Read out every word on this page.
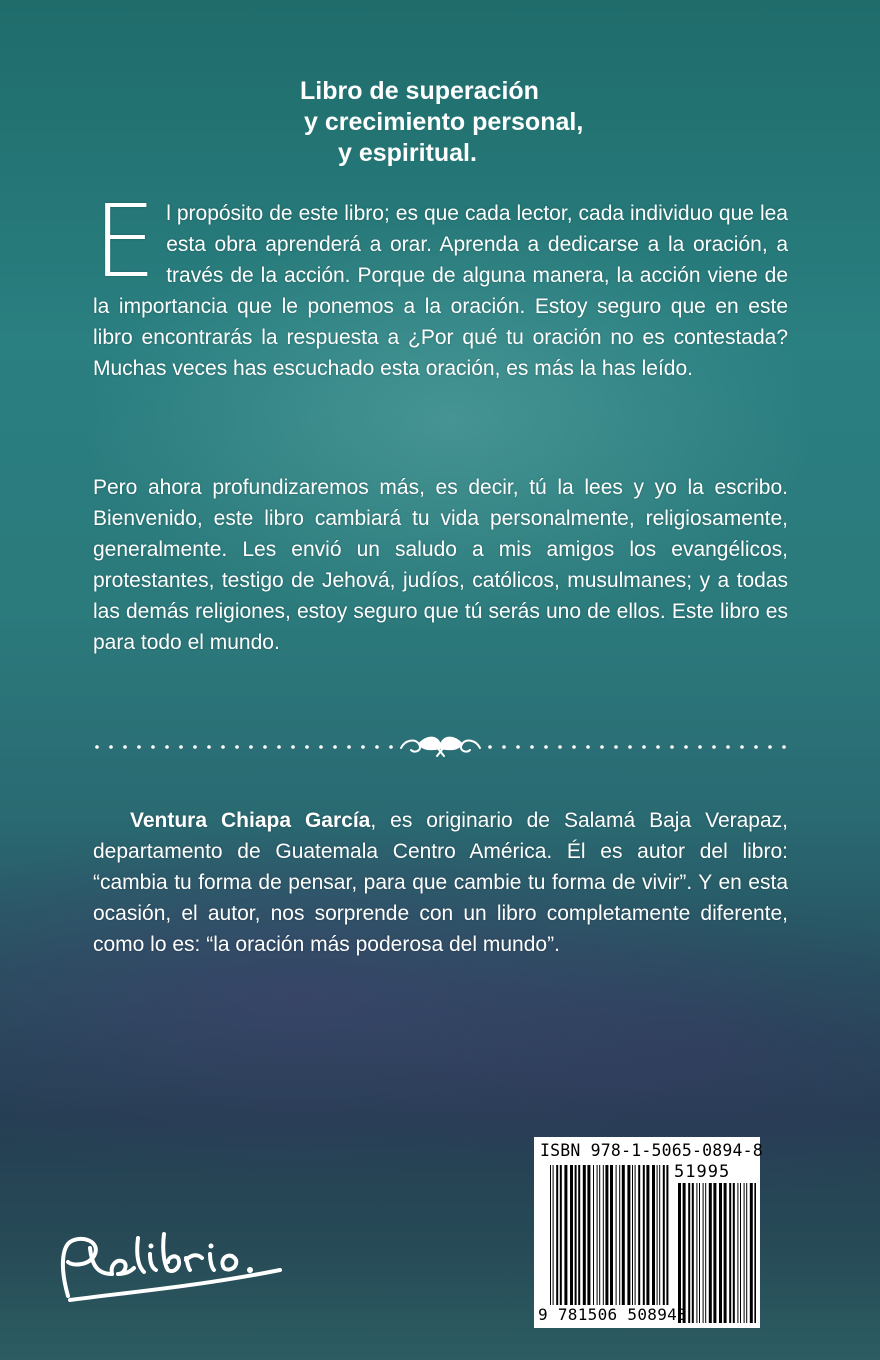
Libro de superación
y crecimiento personal,
y espiritual.

El propósito de este libro; es que cada lector, cada individuo que lea esta obra aprenderá a orar. Aprenda a dedicarse a la oración, a través de la acción. Porque de alguna manera, la acción viene de la importancia que le ponemos a la oración. Estoy seguro que en este libro encontrarás la respuesta a ¿Por qué tu oración no es contestada? Muchas veces has escuchado esta oración, es más la has leído.

Pero ahora profundizaremos más, es decir, tú la lees y yo la escribo. Bienvenido, este libro cambiará tu vida personalmente, religiosamente, generalmente. Les envió un saludo a mis amigos los evangélicos, protestantes, testigo de Jehová, judíos, católicos, musulmanes; y a todas las demás religiones, estoy seguro que tú serás uno de ellos. Este libro es para todo el mundo.

Ventura Chiapa García, es originario de Salamá Baja Verapaz, departamento de Guatemala Centro América. Él es autor del libro: “cambia tu forma de pensar, para que cambie tu forma de vivir”. Y en esta ocasión, el autor, nos sorprende con un libro completamente diferente, como lo es: “la oración más poderosa del mundo”.

ISBN 978-1-5065-0894-8
51995
9 781506 508948
